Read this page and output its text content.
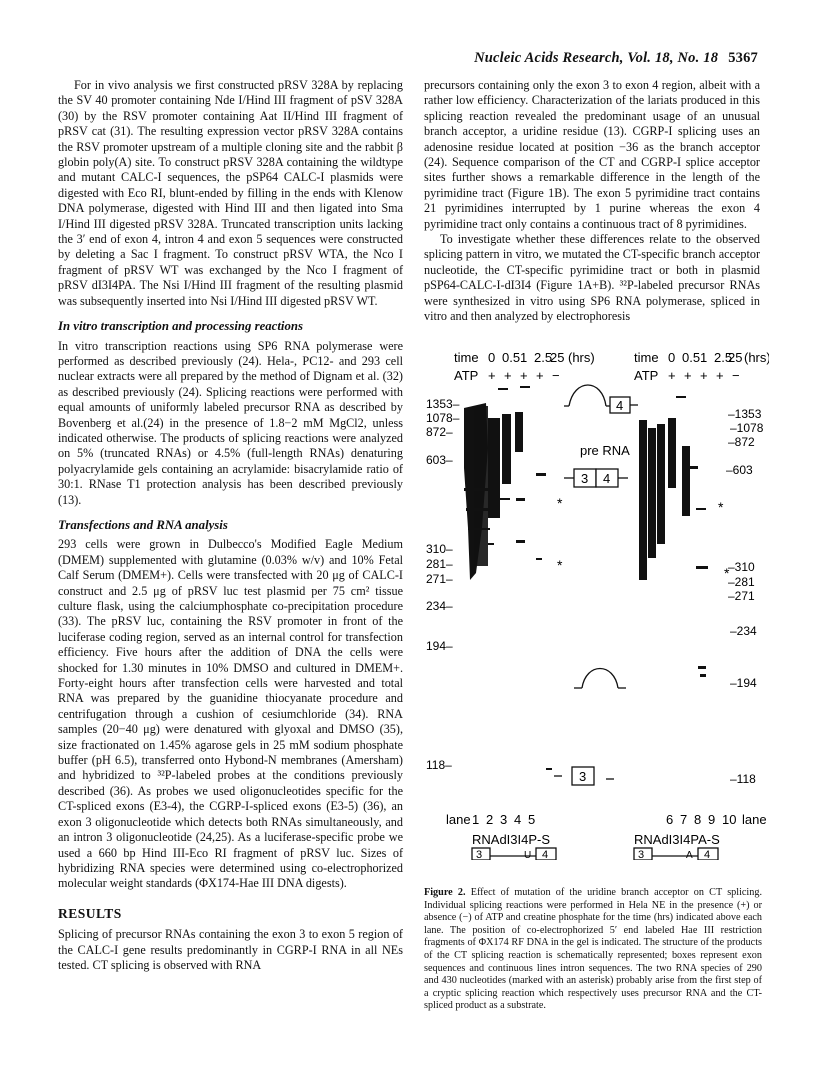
Nucleic Acids Research, Vol. 18, No. 18 5367

For in vivo analysis we first constructed pRSV 328A by replacing the SV 40 promoter containing Nde I/Hind III fragment of pSV 328A (30) by the RSV promoter containing Aat II/Hind III fragment of pRSV cat (31). The resulting expression vector pRSV 328A contains the RSV promoter upstream of a multiple cloning site and the rabbit β globin poly(A) site. To construct pRSV 328A containing the wildtype and mutant CALC-I sequences, the pSP64 CALC-I plasmids were digested with Eco RI, blunt-ended by filling in the ends with Klenow DNA polymerase, digested with Hind III and then ligated into Sma I/Hind III digested pRSV 328A. Truncated transcription units lacking the 3′ end of exon 4, intron 4 and exon 5 sequences were constructed by deleting a Sac I fragment. To construct pRSV WTA, the Nco I fragment of pRSV WT was exchanged by the Nco I fragment of pRSV dI3I4PA. The Nsi I/Hind III fragment of the resulting plasmid was subsequently inserted into Nsi I/Hind III digested pRSV WT.

In vitro transcription and processing reactions

In vitro transcription reactions using SP6 RNA polymerase were performed as described previously (24). Hela-, PC12- and 293 cell nuclear extracts were all prepared by the method of Dignam et al. (32) as described previously (24). Splicing reactions were performed with equal amounts of uniformly labeled precursor RNA as described by Bovenberg et al.(24) in the presence of 1.8−2 mM MgCl2, unless indicated otherwise. The products of splicing reactions were analyzed on 5% (truncated RNAs) or 4.5% (full-length RNAs) denaturing polyacrylamide gels containing an acrylamide: bisacrylamide ratio of 30:1. RNase T1 protection analysis has been described previously (13).

Transfections and RNA analysis

293 cells were grown in Dulbecco's Modified Eagle Medium (DMEM) supplemented with glutamine (0.03% w/v) and 10% Fetal Calf Serum (DMEM+). Cells were transfected with 20 μg of CALC-I construct and 2.5 μg of pRSV luc test plasmid per 75 cm² tissue culture flask, using the calciumphosphate co-precipitation procedure (33). The pRSV luc, containing the RSV promoter in front of the luciferase coding region, served as an internal control for transfection efficiency. Five hours after the addition of DNA the cells were shocked for 1.30 minutes in 10% DMSO and cultured in DMEM+. Forty-eight hours after transfection cells were harvested and total RNA was prepared by the guanidine thiocyanate procedure and centrifugation through a cushion of cesiumchloride (34). RNA samples (20−40 μg) were denatured with glyoxal and DMSO (35), size fractionated on 1.45% agarose gels in 25 mM sodium phosphate buffer (pH 6.5), transferred onto Hybond-N membranes (Amersham) and hybridized to ³²P-labeled probes at the conditions previously described (36). As probes we used oligonucleotides specific for the CT-spliced exons (E3-4), the CGRP-I-spliced exons (E3-5) (36), an exon 3 oligonucleotide which detects both RNAs simultaneously, and an intron 3 oligonucleotide (24,25). As a luciferase-specific probe we used a 660 bp Hind III-Eco RI fragment of pRSV luc. Sizes of hybridizing RNA species were determined using co-electrophorized molecular weight standards (ΦX174-Hae III DNA digests).

RESULTS

Splicing of precursor RNAs containing the exon 3 to exon 5 region of the CALC-I gene results predominantly in CGRP-I RNA in all NEs tested. CT splicing is observed with RNA

precursors containing only the exon 3 to exon 4 region, albeit with a rather low efficiency. Characterization of the lariats produced in this splicing reaction revealed the predominant usage of an unusual branch acceptor, a uridine residue (13). CGRP-I splicing uses an adenosine residue located at position −36 as the branch acceptor (24). Sequence comparison of the CT and CGRP-I splice acceptor sites further shows a remarkable difference in the length of the pyrimidine tract (Figure 1B). The exon 5 pyrimidine tract contains 21 pyrimidines interrupted by 1 purine whereas the exon 4 pyrimidine tract only contains a continuous tract of 8 pyrimidines.

To investigate whether these differences relate to the observed splicing pattern in vitro, we mutated the CT-specific branch acceptor nucleotide, the CT-specific pyrimidine tract or both in plasmid pSP64-CALC-I-dI3I4 (Figure 1A+B). ³²P-labeled precursor RNAs were synthesized in vitro using SP6 RNA polymerase, spliced in vitro and then analyzed by electrophoresis

time	time
0 0.5 1 2.5
25	0 0.5 1 2.5
25
(hrs)	(hrs)
ATP	ATP
+ + + + −	+ + + + −
1353–
1078–
872–
603–
310–
281–
271–
234–
194–
118–
–1353
–1078
–872
–603
–310
–281
–271
–234
–194
–118
4
pre RNA
3 4
3
*
*
*
*
1 2 3 4 5	6 7 8 9 10 lane
lane
RNAdI3I4P-S	RNAdI3I4PA-S
3	4
U	3	4
A
Figure 2. Effect of mutation of the uridine branch acceptor on CT splicing. Individual splicing reactions were performed in Hela NE in the presence (+) or absence (−) of ATP and creatine phosphate for the time (hrs) indicated above each lane. The position of co-electrophorized 5′ end labeled Hae III restriction fragments of ΦX174 RF DNA in the gel is indicated. The structure of the products of the CT splicing reaction is schematically represented; boxes represent exon sequences and continuous lines intron sequences. The two RNA species of 290 and 430 nucleotides (marked with an asterisk) probably arise from the first step of a cryptic splicing reaction which respectively uses precursor RNA and the CT-spliced product as a substrate.
